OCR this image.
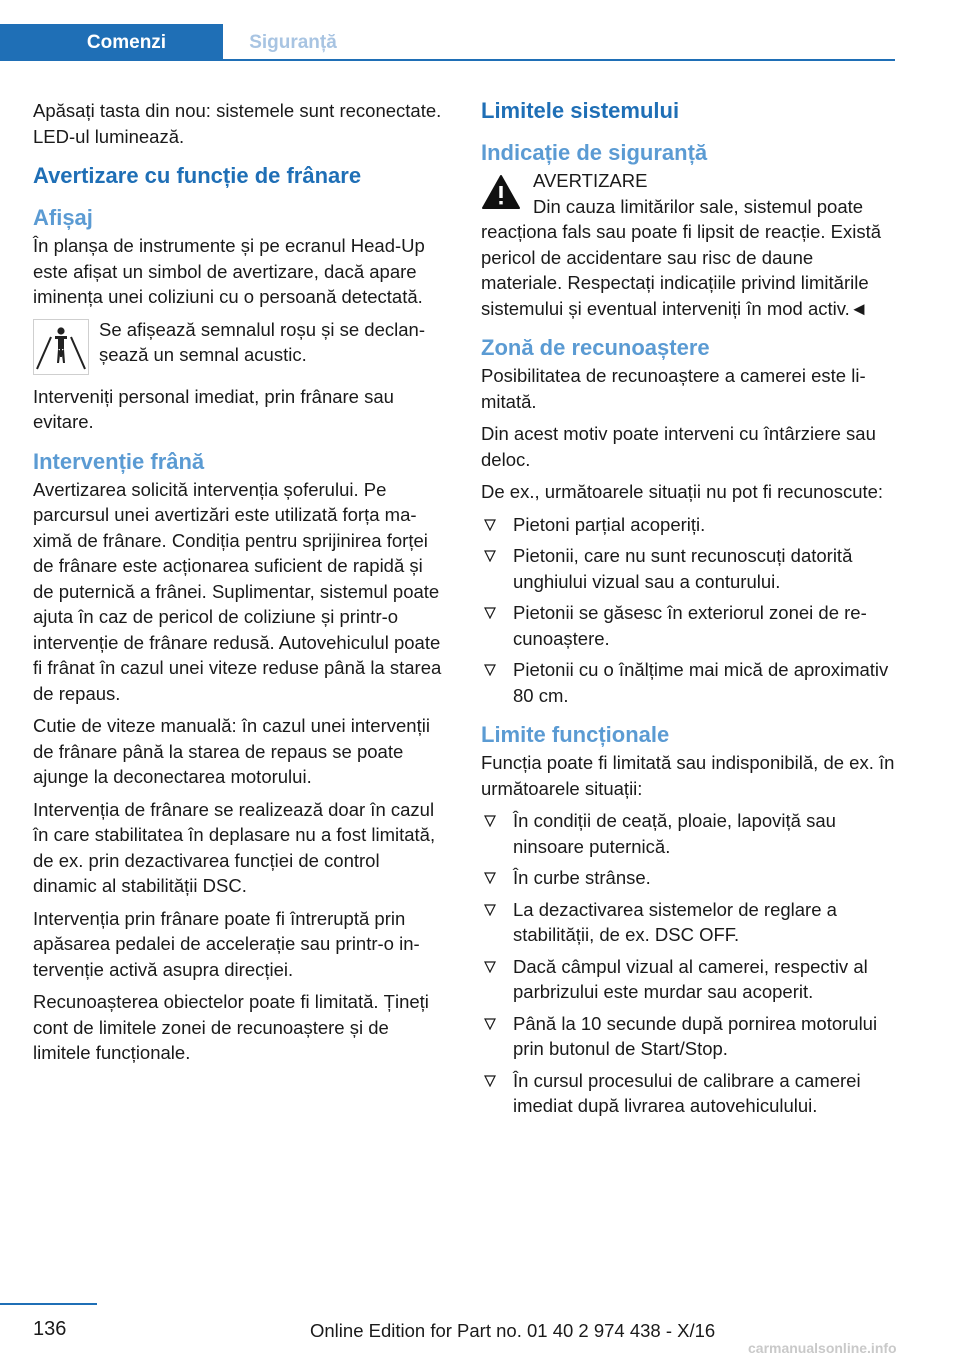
Comenzi	Siguranță

Apăsați tasta din nou: sistemele sunt reconectate. LED-ul luminează.

Avertizare cu funcție de frânare
Afișaj

În planșa de instrumente și pe ecranul Head-Up este afișat un simbol de avertizare, dacă apare iminența unei coliziuni cu o persoană detectată.

Se afișează semnalul roșu și se declanșează un semnal acustic.

Interveniți personal imediat, prin frânare sau evitare.

Intervenție frână

Avertizarea solicită intervenția șoferului. Pe parcursul unei avertizări este utilizată forța maximă de frânare. Condiția pentru sprijinirea forței de frânare este acționarea suficient de rapidă și de puternică a frânei. Suplimentar, sistemul poate ajuta în caz de pericol de coliziune și printr-o intervenție de frânare redusă. Autovehiculul poate fi frânat în cazul unei viteze reduse până la starea de repaus.

Cutie de viteze manuală: în cazul unei intervenții de frânare până la starea de repaus se poate ajunge la deconectarea motorului.

Intervenția de frânare se realizează doar în cazul în care stabilitatea în deplasare nu a fost limitată, de ex. prin dezactivarea funcției de control dinamic al stabilității DSC.

Intervenția prin frânare poate fi întreruptă prin apăsarea pedalei de accelerație sau printr-o intervenție activă asupra direcției.

Recunoașterea obiectelor poate fi limitată. Țineți cont de limitele zonei de recunoaștere și de limitele funcționale.

Limitele sistemului
Indicație de siguranță
AVERTIZARE
Din cauza limitărilor sale, sistemul poate reacționa fals sau poate fi lipsit de reacție. Există pericol de accidentare sau risc de daune materiale. Respectați indicațiile privind limitările sistemului și eventual interveniți în mod activ.◄
Zonă de recunoaștere

Posibilitatea de recunoaștere a camerei este limitată.

Din acest motiv poate interveni cu întârziere sau deloc.

De ex., următoarele situații nu pot fi recunoscute:

Pietoni parțial acoperiți.
Pietonii, care nu sunt recunoscuți datorită unghiului vizual sau a conturului.
Pietonii se găsesc în exteriorul zonei de recunoaștere.
Pietonii cu o înălțime mai mică de aproximativ 80 cm.
Limite funcționale

Funcția poate fi limitată sau indisponibilă, de ex. în următoarele situații:

În condiții de ceață, ploaie, lapoviță sau ninsoare puternică.
În curbe strânse.
La dezactivarea sistemelor de reglare a stabilității, de ex. DSC OFF.
Dacă câmpul vizual al camerei, respectiv al parbrizului este murdar sau acoperit.
Până la 10 secunde după pornirea motorului prin butonul de Start/Stop.
În cursul procesului de calibrare a camerei imediat după livrarea autovehiculului.
136	Online Edition for Part no. 01 40 2 974 438 - X/16
carmanualsonline.info
